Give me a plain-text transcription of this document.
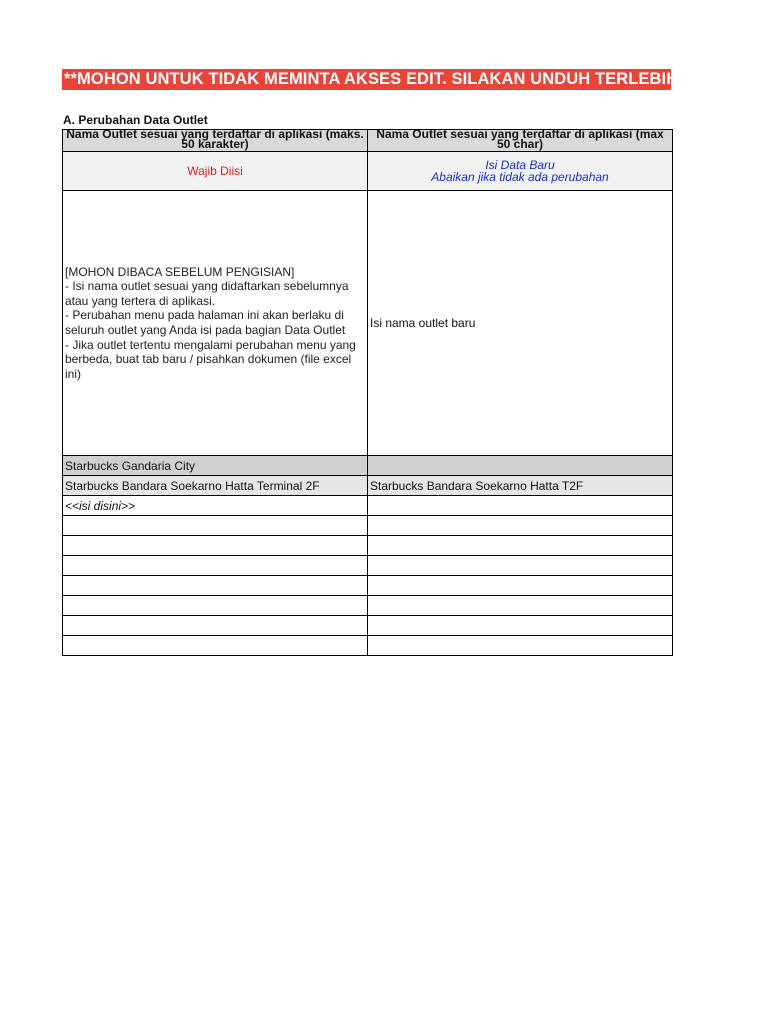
**MOHON UNTUK TIDAK MEMINTA AKSES EDIT. SILAKAN UNDUH TERLEBIH DAHULU
A. Perubahan Data Outlet
Nama Outlet sesuai yang terdaftar di aplikasi (maks. 50 karakter)	Nama Outlet sesuai yang terdaftar di aplikasi (max 50 char)

Wajib Diisi	Isi Data Baru
Abaikan jika tidak ada perubahan
[MOHON DIBACA SEBELUM PENGISIAN]
- Isi nama outlet sesuai yang didaftarkan sebelumnya atau yang tertera di aplikasi.
- Perubahan menu pada halaman ini akan berlaku di seluruh outlet yang Anda isi pada bagian Data Outlet
- Jika outlet tertentu mengalami perubahan menu yang berbeda, buat tab baru / pisahkan dokumen (file excel ini)	Isi nama outlet baru
Starbucks Gandaria City	
Starbucks Bandara Soekarno Hatta Terminal 2F	Starbucks Bandara Soekarno Hatta T2F
<<isi disini>>	
